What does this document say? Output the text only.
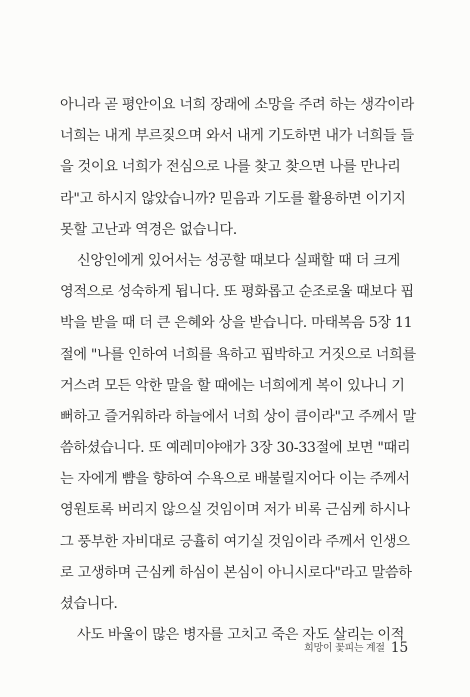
아니라 곧 평안이요 너희 장래에 소망을 주려 하는 생각이라
너희는 내게 부르짖으며 와서 내게 기도하면 내가 너희들 들
을 것이요 너희가 전심으로 나를 찾고 찾으면 나를 만나리
라"고 하시지 않았습니까? 믿음과 기도를 활용하면 이기지
못할 고난과 역경은 없습니다.
신앙인에게 있어서는 성공할 때보다 실패할 때 더 크게
영적으로 성숙하게 됩니다. 또 평화롭고 순조로울 때보다 핍
박을 받을 때 더 큰 은혜와 상을 받습니다. 마태복음 5장 11
절에 "나를 인하여 너희를 욕하고 핍박하고 거짓으로 너희를
거스려 모든 악한 말을 할 때에는 너희에게 복이 있나니 기
뻐하고 즐거워하라 하늘에서 너희 상이 큼이라"고 주께서 말
씀하셨습니다. 또 예레미야애가 3장 30-33절에 보면 "때리
는 자에게 뺨을 향하여 수욕으로 배불릴지어다 이는 주께서
영원토록 버리지 않으실 것임이며 저가 비록 근심케 하시나
그 풍부한 자비대로 긍휼히 여기실 것임이라 주께서 인생으
로 고생하며 근심케 하심이 본심이 아니시로다"라고 말씀하
셨습니다.
사도 바울이 많은 병자를 고치고 죽은 자도 살리는 이적
희망이 꽃피는 계절 15
